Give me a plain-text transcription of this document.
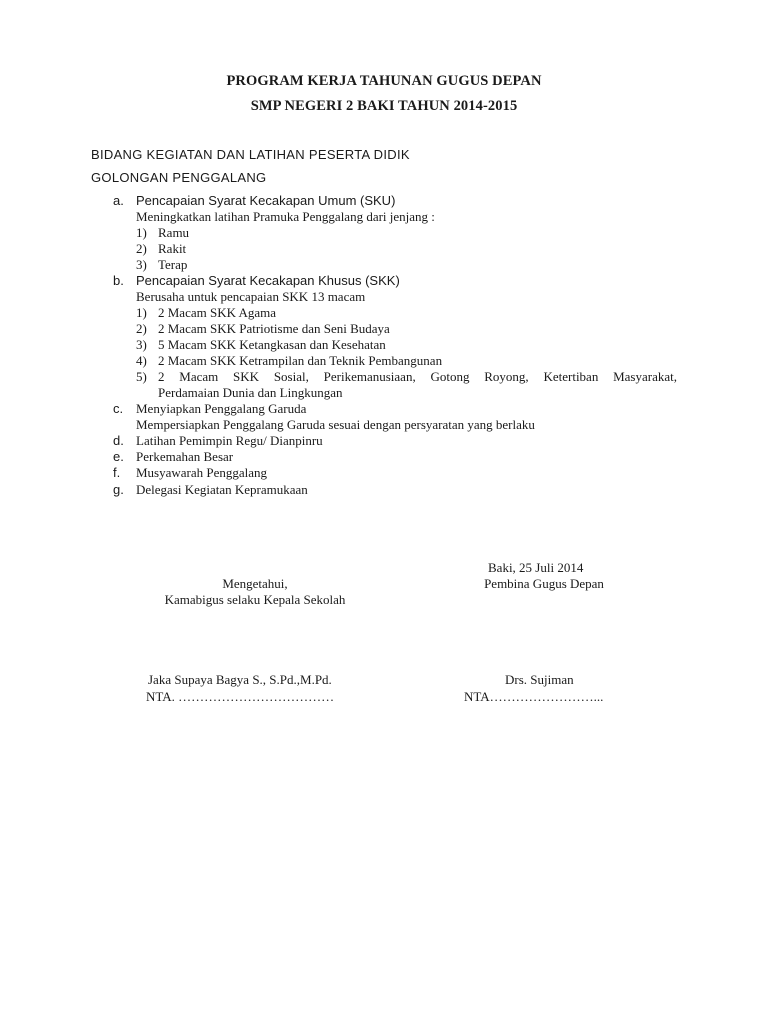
PROGRAM KERJA TAHUNAN GUGUS DEPAN
SMP NEGERI 2 BAKI TAHUN 2014-2015
BIDANG KEGIATAN DAN LATIHAN PESERTA DIDIK
GOLONGAN PENGGALANG
a. Pencapaian Syarat Kecakapan Umum (SKU)
Meningkatkan latihan Pramuka Penggalang dari jenjang :
1) Ramu
2) Rakit
3) Terap
b. Pencapaian Syarat Kecakapan Khusus (SKK)
Berusaha untuk pencapaian SKK 13 macam
1) 2 Macam SKK Agama
2) 2 Macam SKK Patriotisme dan Seni Budaya
3) 5 Macam SKK Ketangkasan dan Kesehatan
4) 2 Macam SKK Ketrampilan dan Teknik Pembangunan
5) 2 Macam SKK Sosial, Perikemanusiaan, Gotong Royong, Ketertiban Masyarakat,
Perdamaian Dunia dan Lingkungan
c. Menyiapkan Penggalang Garuda
Mempersiapkan Penggalang Garuda sesuai dengan persyaratan yang berlaku
d. Latihan Pemimpin Regu/ Dianpinru
e. Perkemahan Besar
f. Musyawarah Penggalang
g. Delegasi Kegiatan Kepramukaan
Baki, 25 Juli 2014
Mengetahui,	Pembina Gugus Depan
Kamabigus selaku Kepala Sekolah
Jaka Supaya Bagya S., S.Pd.,M.Pd.	Drs. Sujiman
NTA. ………………………………	NTA……………………...
